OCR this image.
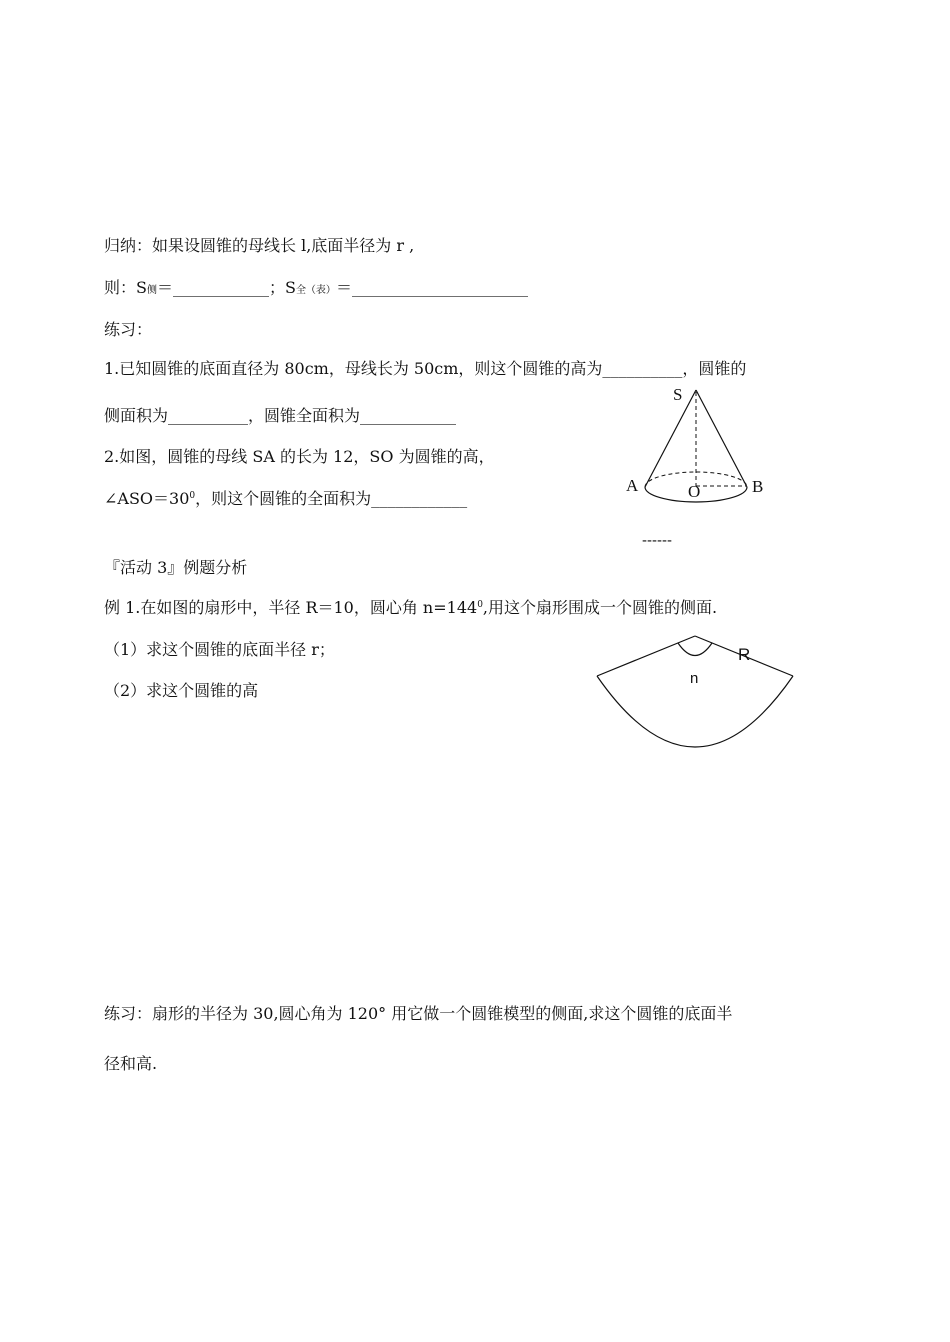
归纳：如果设圆锥的母线长 l,底面半径为 r ,
则：S侧＝____________；S全（表）＝______________________
练习：
1.已知圆锥的底面直径为 80cm，母线长为 50cm，则这个圆锥的高为__________，圆锥的
侧面积为__________，圆锥全面积为____________
2.如图，圆锥的母线 SA 的长为 12，SO 为圆锥的高，
$\angle ASO=30^0$，则这个圆锥的全面积为____________
S
A	B
O
------
『活动 3』例题分析
例 1.在如图的扇形中，半径 R＝10，圆心角 $n=144^0$,用这个扇形围成一个圆锥的侧面.
（1）求这个圆锥的底面半径 r；
（2）求这个圆锥的高
R
n
练习：扇形的半径为 30,圆心角为 120° 用它做一个圆锥模型的侧面,求这个圆锥的底面半
径和高.
